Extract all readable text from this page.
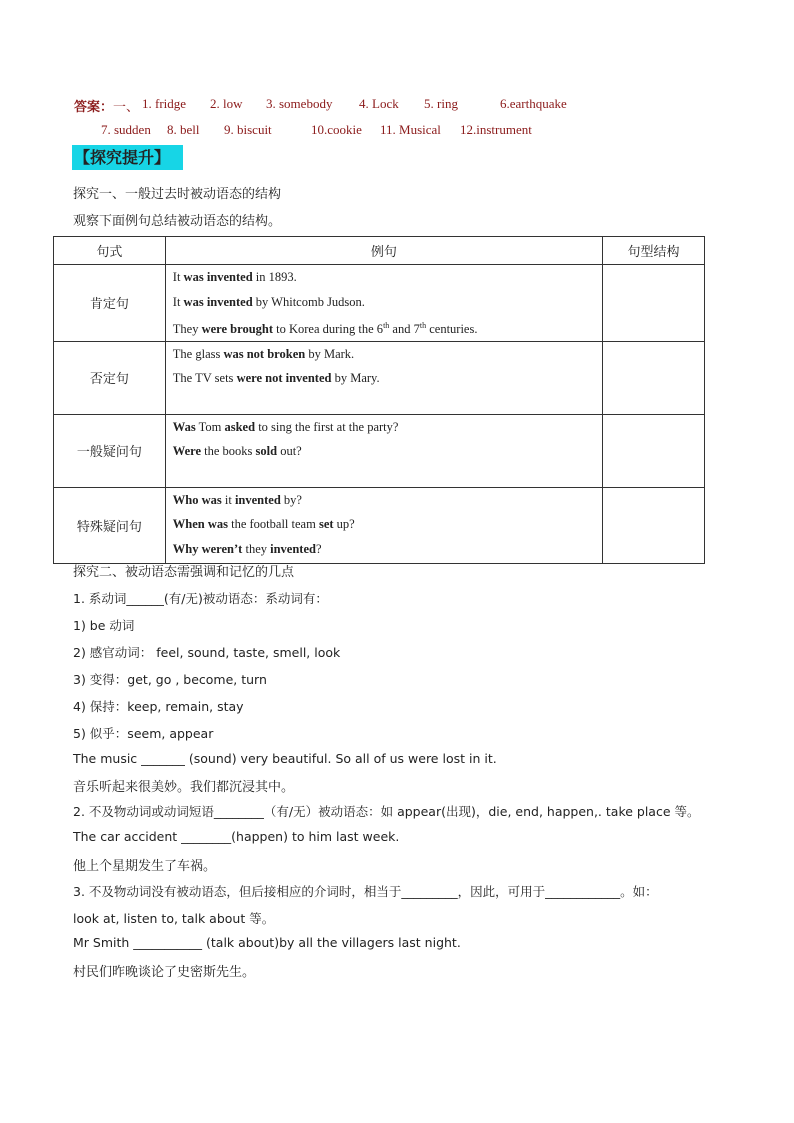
答案：一、 1. fridge 2. low 3. somebody 4. Lock 5. ring	6.earthquake
7. sudden 8. bell 9. biscuit	10.cookie 11. Musical 12.instrument
【探究提升】
探究一、一般过去时被动语态的结构
观察下面例句总结被动语态的结构。
句式	例句	句型结构
肯定句	It was invented in 1893.
It was invented by Whitcomb Judson.
They were brought to Korea during the 6th and 7th centuries.	

否定句	The glass was not broken by Mark.
The TV sets were not invented by Mary.	

一般疑问句	Was Tom asked to sing the first at the party?
Were the books sold out?	

特殊疑问句	Who was it invented by?
When was the football team set up?
Why weren’t they invented?	

探究二、被动语态需强调和记忆的几点
1. 系动词______(有/无)被动语态：系动词有：
1) be 动词
2) 感官动词： feel, sound, taste, smell, look
3) 变得：get, go , become, turn
4) 保持：keep, remain, stay
5) 似乎：seem, appear
The music _______ (sound) very beautiful. So all of us were lost in it.
音乐听起来很美妙。我们都沉浸其中。
2. 不及物动词或动词短语________（有/无）被动语态：如 appear(出现)，die, end, happen,. take place 等。
The car accident ________(happen) to him last week.
他上个星期发生了车祸。
3. 不及物动词没有被动语态，但后接相应的介词时，相当于_________，因此，可用于____________。如：
look at, listen to, talk about 等。
Mr Smith ___________ (talk about)by all the villagers last night.
村民们昨晚谈论了史密斯先生。
